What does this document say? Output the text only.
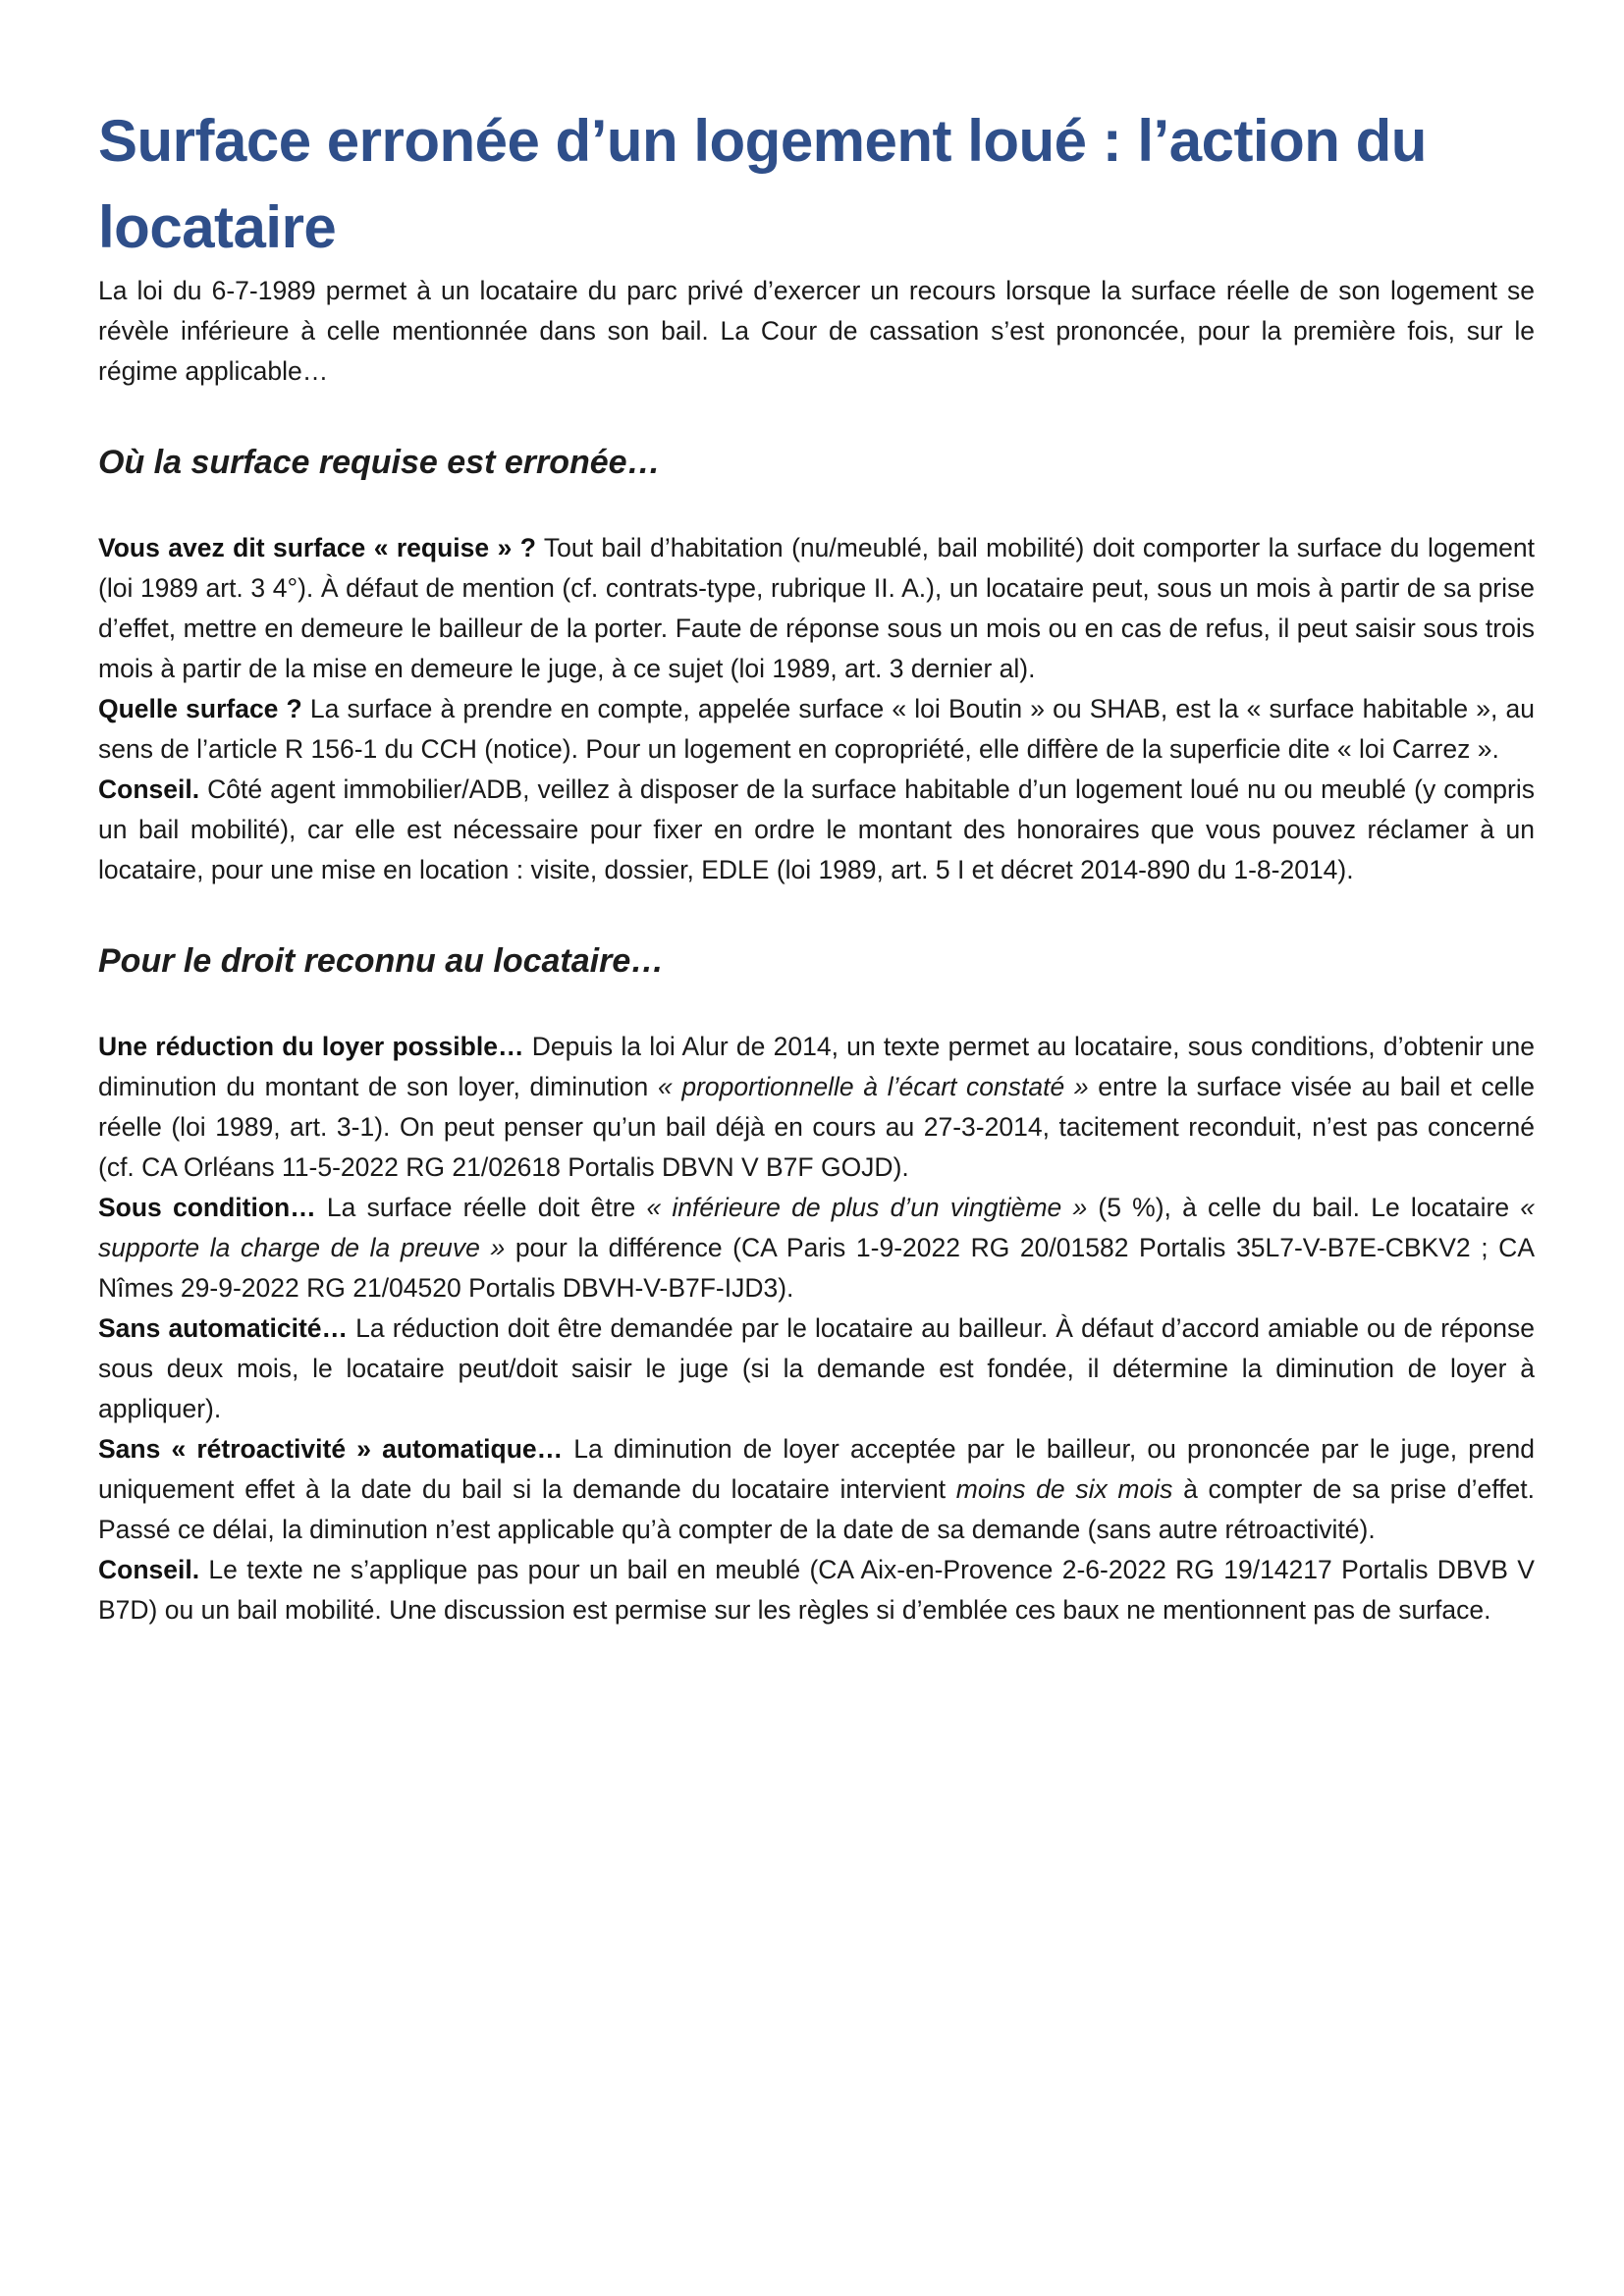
Surface erronée d’un logement loué : l’action du locataire

La loi du 6-7-1989 permet à un locataire du parc privé d’exercer un recours lorsque la surface réelle de son logement se révèle inférieure à celle mentionnée dans son bail. La Cour de cassation s’est prononcée, pour la première fois, sur le régime applicable…

Où la surface requise est erronée…

Vous avez dit surface « requise » ? Tout bail d’habitation (nu/meublé, bail mobilité) doit comporter la surface du logement (loi 1989 art. 3 4°). À défaut de mention (cf. contrats-type, rubrique II. A.), un locataire peut, sous un mois à partir de sa prise d’effet, mettre en demeure le bailleur de la porter. Faute de réponse sous un mois ou en cas de refus, il peut saisir sous trois mois à partir de la mise en demeure le juge, à ce sujet (loi 1989, art. 3 dernier al).

Quelle surface ? La surface à prendre en compte, appelée surface « loi Boutin » ou SHAB, est la « surface habitable », au sens de l’article R 156-1 du CCH (notice). Pour un logement en copropriété, elle diffère de la superficie dite « loi Carrez ».

Conseil. Côté agent immobilier/ADB, veillez à disposer de la surface habitable d’un logement loué nu ou meublé (y compris un bail mobilité), car elle est nécessaire pour fixer en ordre le montant des honoraires que vous pouvez réclamer à un locataire, pour une mise en location : visite, dossier, EDLE (loi 1989, art. 5 I et décret 2014-890 du 1-8-2014).

Pour le droit reconnu au locataire…

Une réduction du loyer possible… Depuis la loi Alur de 2014, un texte permet au locataire, sous conditions, d’obtenir une diminution du montant de son loyer, diminution « proportionnelle à l’écart constaté » entre la surface visée au bail et celle réelle (loi 1989, art. 3-1). On peut penser qu’un bail déjà en cours au 27-3-2014, tacitement reconduit, n’est pas concerné (cf. CA Orléans 11-5-2022 RG 21/02618 Portalis DBVN V B7F GOJD).

Sous condition… La surface réelle doit être « inférieure de plus d’un vingtième » (5 %), à celle du bail. Le locataire « supporte la charge de la preuve » pour la différence (CA Paris 1-9-2022 RG 20/01582 Portalis 35L7-V-B7E-CBKV2 ; CA Nîmes 29-9-2022 RG 21/04520 Portalis DBVH-V-B7F-IJD3).

Sans automaticité… La réduction doit être demandée par le locataire au bailleur. À défaut d’accord amiable ou de réponse sous deux mois, le locataire peut/doit saisir le juge (si la demande est fondée, il détermine la diminution de loyer à appliquer).

Sans « rétroactivité » automatique… La diminution de loyer acceptée par le bailleur, ou prononcée par le juge, prend uniquement effet à la date du bail si la demande du locataire intervient moins de six mois à compter de sa prise d’effet. Passé ce délai, la diminution n’est applicable qu’à compter de la date de sa demande (sans autre rétroactivité).

Conseil. Le texte ne s’applique pas pour un bail en meublé (CA Aix-en-Provence 2-6-2022 RG 19/14217 Portalis DBVB V B7D) ou un bail mobilité. Une discussion est permise sur les règles si d’emblée ces baux ne mentionnent pas de surface.
